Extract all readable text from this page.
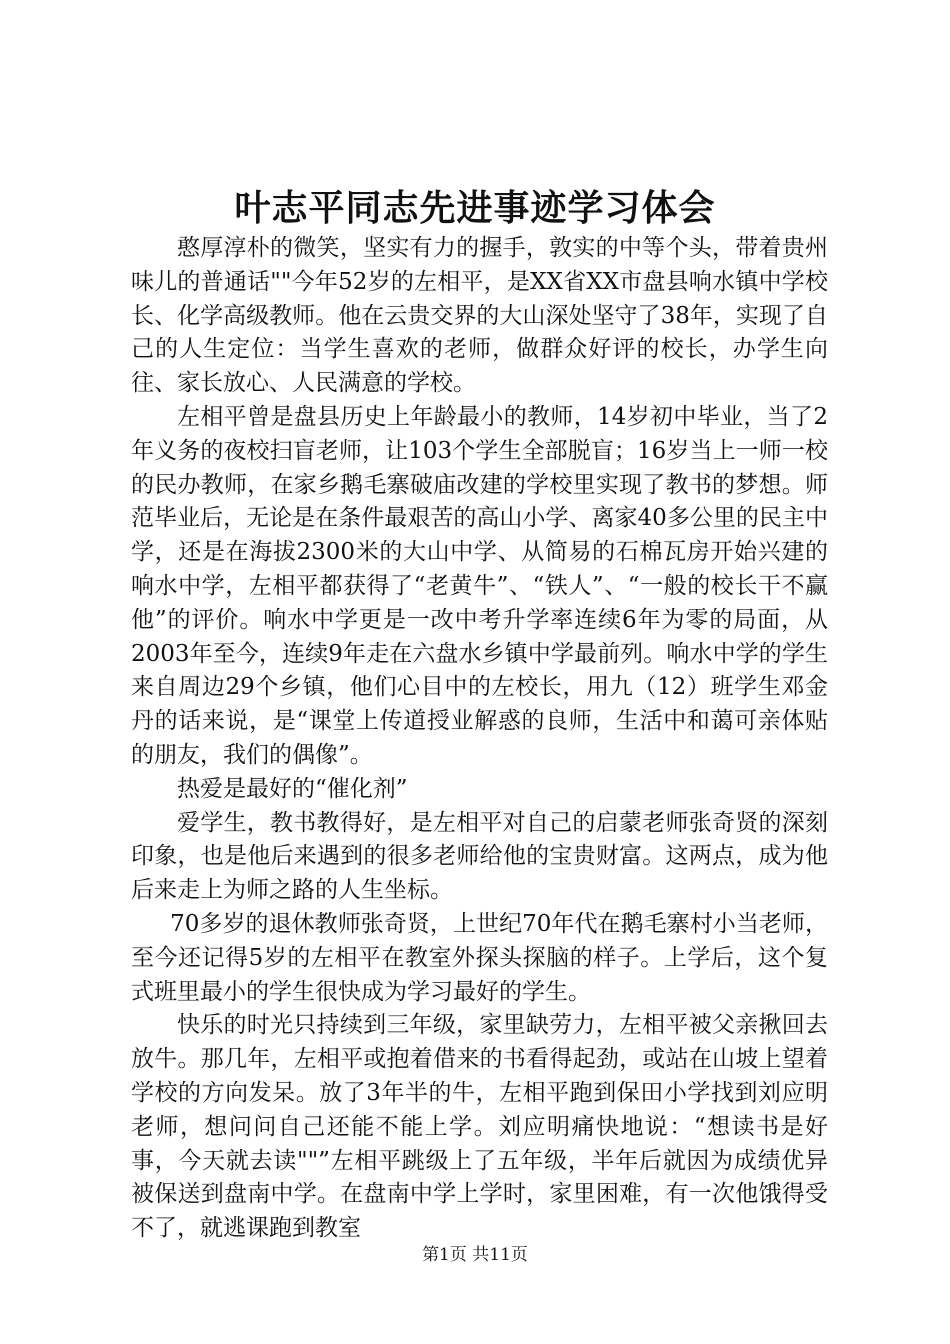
叶志平同志先进事迹学习体会

憨厚淳朴的微笑，坚实有力的握手，敦实的中等个头，带着贵州味儿的普通话""今年52岁的左相平，是XX省XX市盘县响水镇中学校长、化学高级教师。他在云贵交界的大山深处坚守了38年，实现了自己的人生定位：当学生喜欢的老师，做群众好评的校长，办学生向往、家长放心、人民满意的学校。

左相平曾是盘县历史上年龄最小的教师，14岁初中毕业，当了2年义务的夜校扫盲老师，让103个学生全部脱盲；16岁当上一师一校的民办教师，在家乡鹅毛寨破庙改建的学校里实现了教书的梦想。师范毕业后，无论是在条件最艰苦的高山小学、离家40多公里的民主中学，还是在海拔2300米的大山中学、从简易的石棉瓦房开始兴建的响水中学，左相平都获得了“老黄牛”、“铁人”、“一般的校长干不赢他”的评价。响水中学更是一改中考升学率连续6年为零的局面，从2003年至今，连续9年走在六盘水乡镇中学最前列。响水中学的学生来自周边29个乡镇，他们心目中的左校长，用九（12）班学生邓金丹的话来说，是“课堂上传道授业解惑的良师，生活中和蔼可亲体贴的朋友，我们的偶像”。

热爱是最好的“催化剂”

爱学生，教书教得好，是左相平对自己的启蒙老师张奇贤的深刻印象，也是他后来遇到的很多老师给他的宝贵财富。这两点，成为他后来走上为师之路的人生坐标。

70多岁的退休教师张奇贤，上世纪70年代在鹅毛寨村小当老师，至今还记得5岁的左相平在教室外探头探脑的样子。上学后，这个复式班里最小的学生很快成为学习最好的学生。

快乐的时光只持续到三年级，家里缺劳力，左相平被父亲揪回去放牛。那几年，左相平或抱着借来的书看得起劲，或站在山坡上望着学校的方向发呆。放了3年半的牛，左相平跑到保田小学找到刘应明老师，想问问自己还能不能上学。刘应明痛快地说：“想读书是好事，今天就去读""”左相平跳级上了五年级，半年后就因为成绩优异被保送到盘南中学。在盘南中学上学时，家里困难，有一次他饿得受不了，就逃课跑到教室

第1页 共11页
